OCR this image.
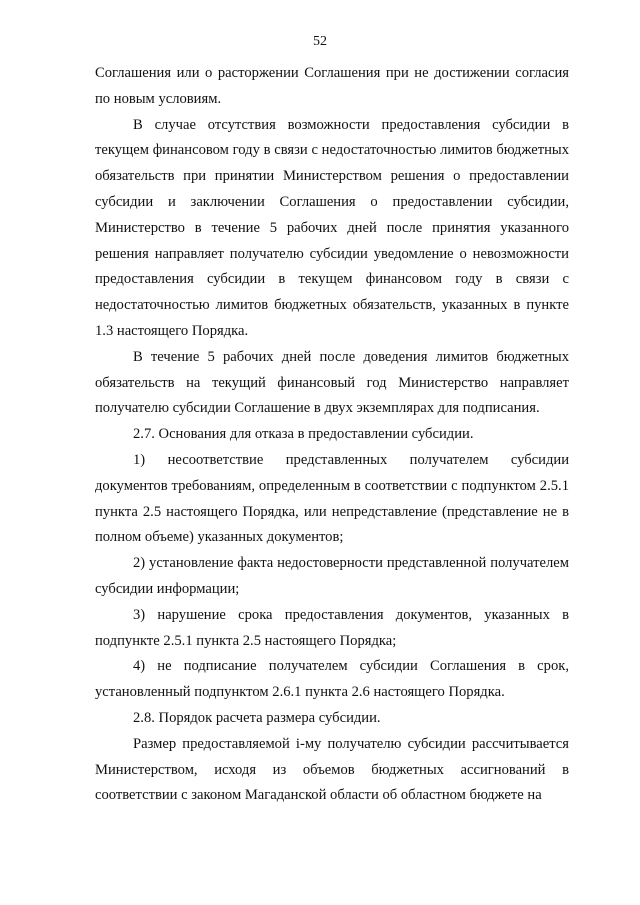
52

Соглашения или о расторжении Соглашения при не достижении согласия по новым условиям.

В случае отсутствия возможности предоставления субсидии в текущем финансовом году в связи с недостаточностью лимитов бюджетных обязательств при принятии Министерством решения о предоставлении субсидии и заключении Соглашения о предоставлении субсидии, Министерство в течение 5 рабочих дней после принятия указанного решения направляет получателю субсидии уведомление о невозможности предоставления субсидии в текущем финансовом году в связи с недостаточностью лимитов бюджетных обязательств, указанных в пункте 1.3 настоящего Порядка.

В течение 5 рабочих дней после доведения лимитов бюджетных обязательств на текущий финансовый год Министерство направляет получателю субсидии Соглашение в двух экземплярах для подписания.

2.7. Основания для отказа в предоставлении субсидии.

1) несоответствие представленных получателем субсидии документов требованиям, определенным в соответствии с подпунктом 2.5.1 пункта 2.5 настоящего Порядка, или непредставление (представление не в полном объеме) указанных документов;

2) установление факта недостоверности представленной получателем субсидии информации;

3) нарушение срока предоставления документов, указанных в подпункте 2.5.1 пункта 2.5 настоящего Порядка;

4) не подписание получателем субсидии Соглашения в срок, установленный подпунктом 2.6.1 пункта 2.6 настоящего Порядка.

2.8. Порядок расчета размера субсидии.

Размер предоставляемой i-му получателю субсидии рассчитывается Министерством, исходя из объемов бюджетных ассигнований в соответствии с законом Магаданской области об областном бюджете на
